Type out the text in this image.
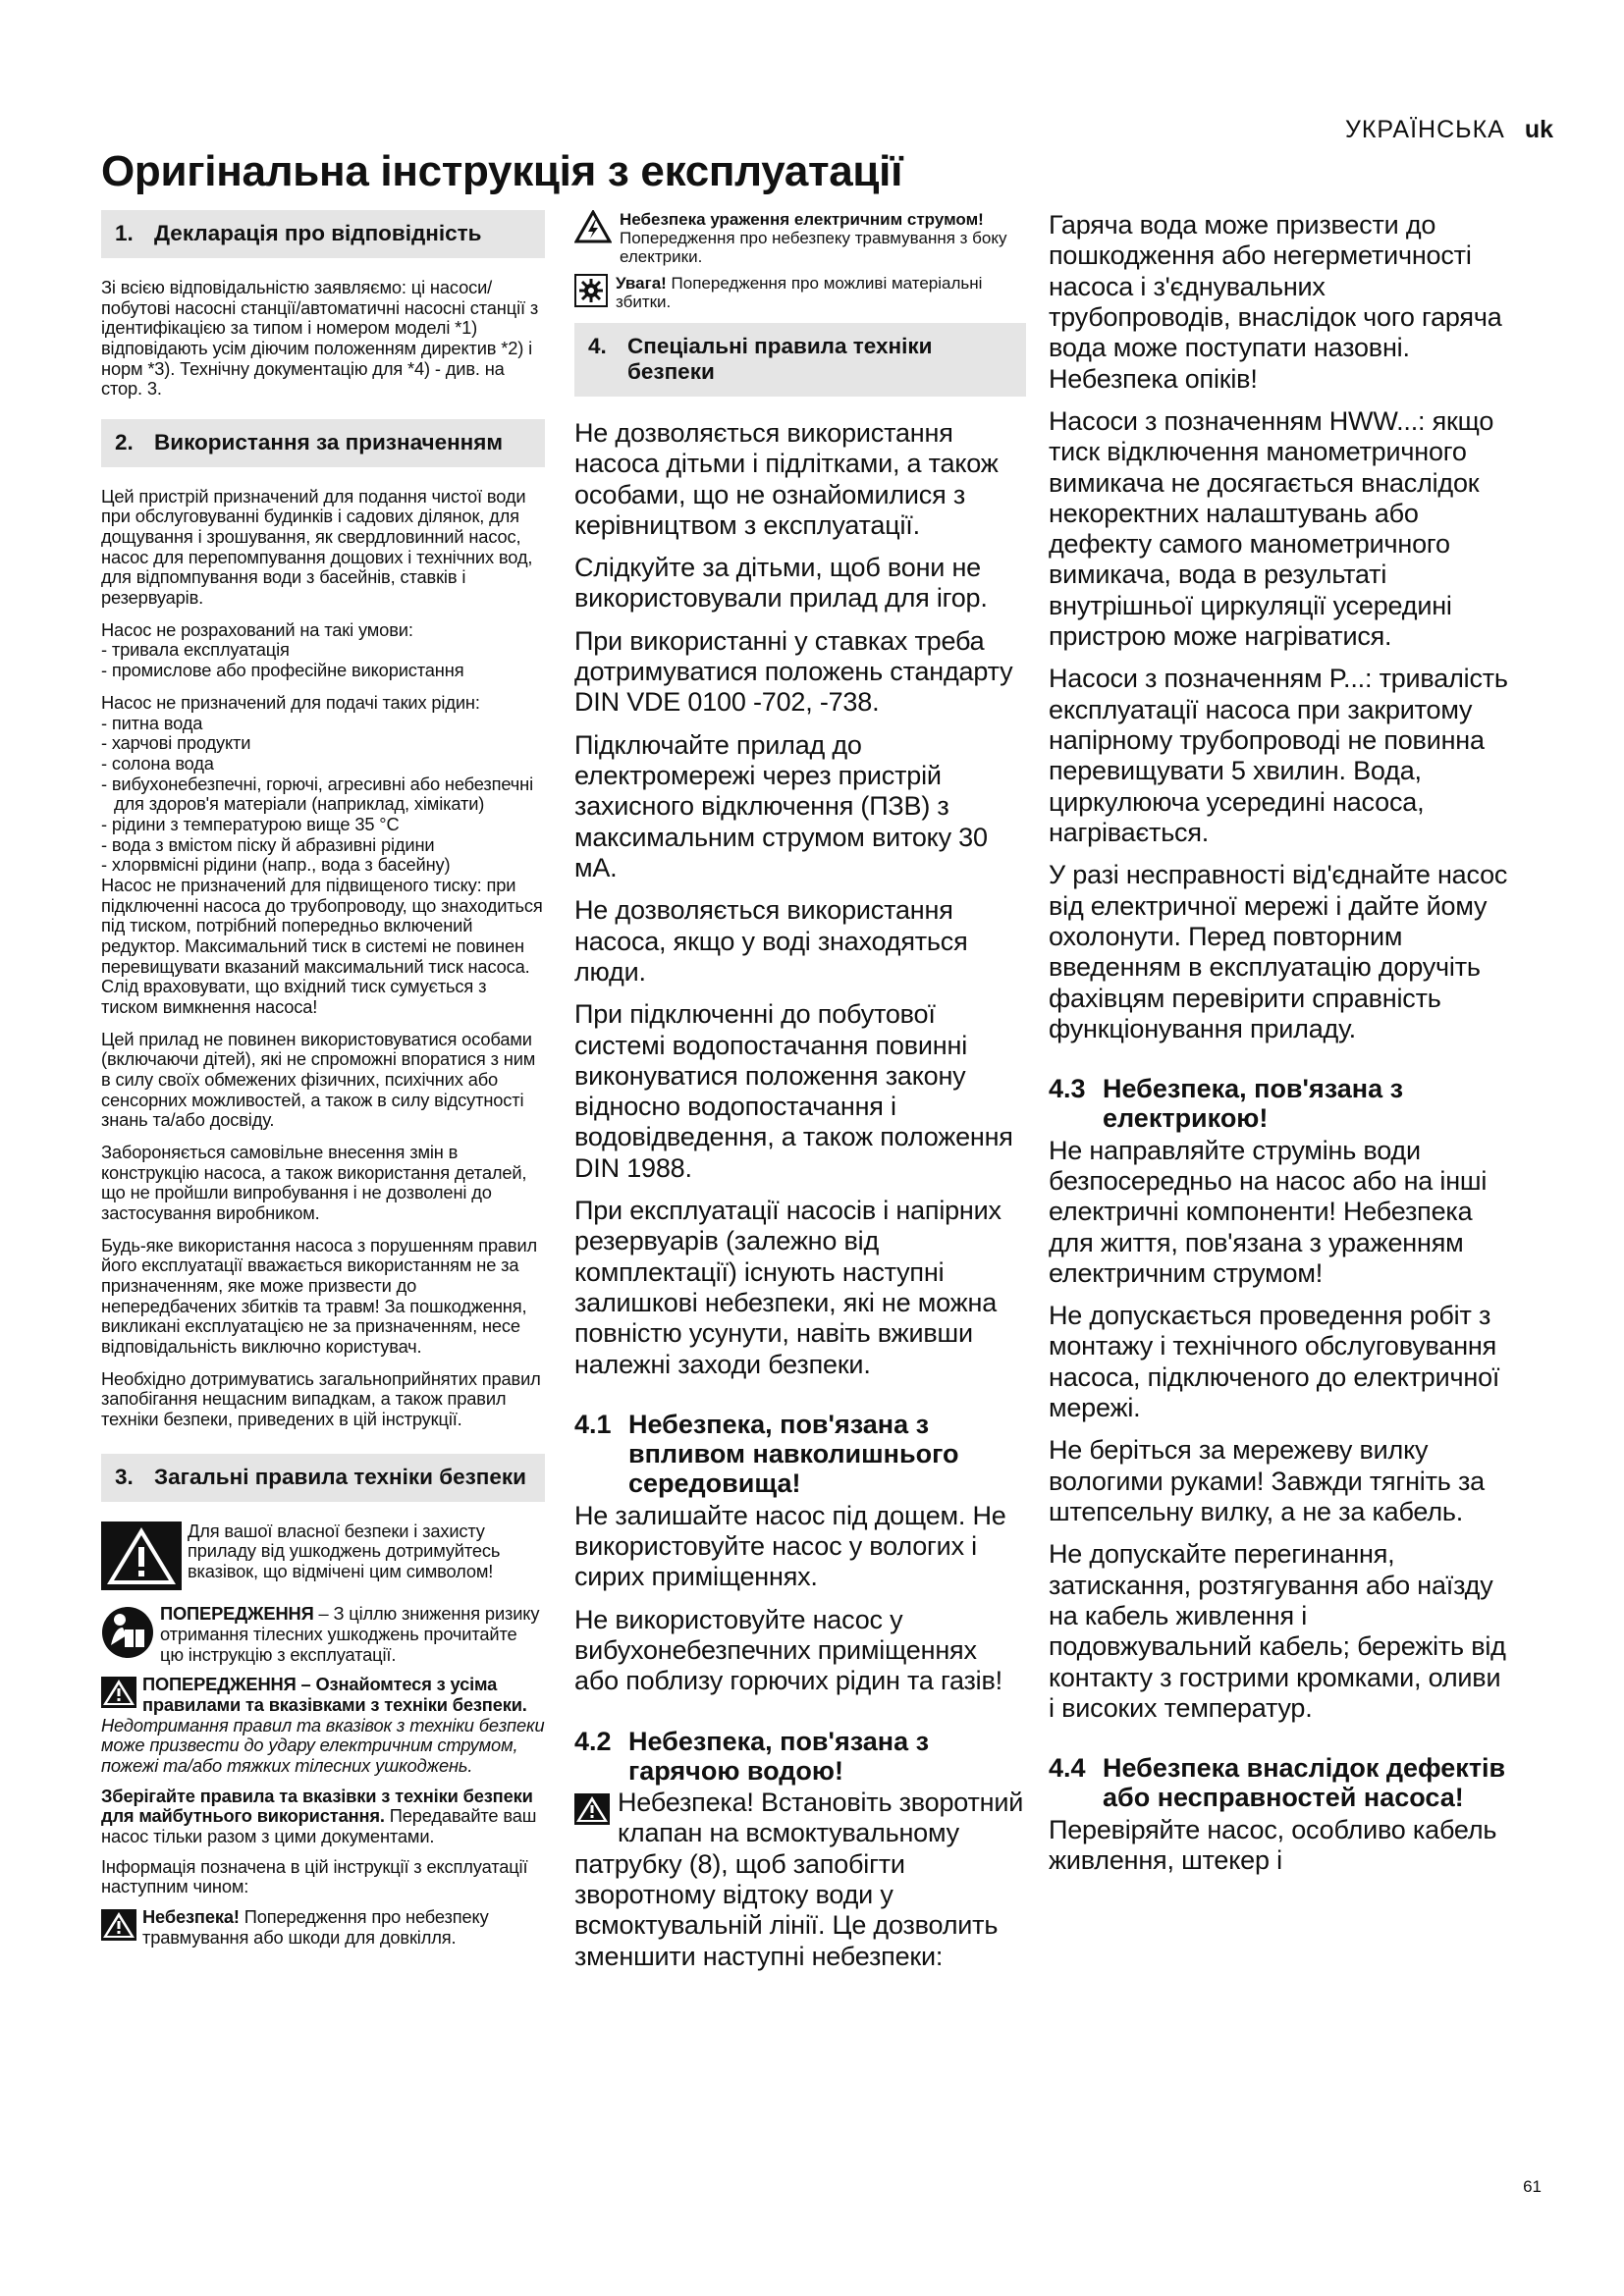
УКРАЇНСЬКА uk
Оригінальна інструкція з експлуатації
1. Декларація про відповідність

Зі всією відповідальністю заявляємо: ці насоси/побутові насосні станції/автоматичні насосні станції з ідентифікацією за типом і номером моделі *1) відповідають усім діючим положенням директив *2) і норм *3). Технічну документацію для *4) - див. на стор. 3.

2. Використання за призначенням

Цей пристрій призначений для подання чистої води при обслуговуванні будинків і садових ділянок, для дощування і зрошування, як свердловинний насос, насос для перепомпування дощових і технічних вод, для відпомпування води з басейнів, ставків і резервуарів.

Насос не розрахований на такі умови:

- тривала експлуатація
- промислове або професійне використання

Насос не призначений для подачі таких рідин:

- питна вода
- харчові продукти
- солона вода
- вибухонебезпечні, горючі, агресивні або небезпечні для здоров'я матеріали (наприклад, хімікати)
- рідини з температурою вище 35 °C
- вода з вмістом піску й абразивні рідини
- хлорвмісні рідини (напр., вода з басейну)

Насос не призначений для підвищеного тиску: при підключенні насоса до трубопроводу, що знаходиться під тиском, потрібний попередньо включений редуктор. Максимальний тиск в системі не повинен перевищувати вказаний максимальний тиск насоса. Слід враховувати, що вхідний тиск сумується з тиском вимкнення насоса!

Цей прилад не повинен використовуватися особами (включаючи дітей), які не спроможні впоратися з ним в силу своїх обмежених фізичних, психічних або сенсорних можливостей, а також в силу відсутності знань та/або досвіду.

Забороняється самовільне внесення змін в конструкцію насоса, а також використання деталей, що не пройшли випробування і не дозволені до застосування виробником.

Будь-яке використання насоса з порушенням правил його експлуатації вважається використанням не за призначенням, яке може призвести до непередбачених збитків та травм! За пошкодження, викликані експлуатацією не за призначенням, несе відповідальність виключно користувач.

Необхідно дотримуватись загальноприйнятих правил запобігання нещасним випадкам, а також правил техніки безпеки, приведених в цій інструкції.

3. Загальні правила техніки безпеки
Для вашої власної безпеки і захисту приладу від ушкоджень дотримуйтесь вказівок, що відмічені цим символом!
ПОПЕРЕДЖЕННЯ – З ціллю зниження ризику отримання тілесних ушкоджень прочитайте цю інструкцію з експлуатації.
ПОПЕРЕДЖЕННЯ – Ознайомтеся з усіма правилами та вказівками з техніки безпеки. Недотримання правил та вказівок з техніки безпеки може призвести до удару електричним струмом, пожежі та/або тяжких тілесних ушкоджень.
Зберігайте правила та вказівки з техніки безпеки для майбутнього використання. Передавайте ваш насос тільки разом з цими документами.
Інформація позначена в цій інструкції з експлуатації наступним чином:
Небезпека! Попередження про небезпеку травмування або шкоди для довкілля.
Небезпека ураження електричним струмом! Попередження про небезпеку травмування з боку електрики.
Увага! Попередження про можливі матеріальні збитки.
4. Спеціальні правила техніки безпеки

Не дозволяється використання насоса дітьми і підлітками, а також особами, що не ознайомилися з керівництвом з експлуатації.

Слідкуйте за дітьми, щоб вони не використовували прилад для ігор.

При використанні у ставках треба дотримуватися положень стандарту DIN VDE 0100 -702, -738.

Підключайте прилад до електромережі через пристрій захисного відключення (ПЗВ) з максимальним струмом витоку 30 мА.

Не дозволяється використання насоса, якщо у воді знаходяться люди.

При підключенні до побутової системі водопостачання повинні виконуватися положення закону відносно водопостачання і водовідведення, а також положення DIN 1988.

При експлуатації насосів і напірних резервуарів (залежно від комплектації) існують наступні залишкові небезпеки, які не можна повністю усунути, навіть вживши належні заходи безпеки.

4.1 Небезпека, пов'язана з впливом навколишнього середовища!

Не залишайте насос під дощем. Не використовуйте насос у вологих і сирих приміщеннях.

Не використовуйте насос у вибухонебезпечних приміщеннях або поблизу горючих рідин та газів!

4.2 Небезпека, пов'язана з гарячою водою!

Небезпека! Встановіть зворотний клапан на всмоктувальному патрубку (8), щоб запобігти зворотному відтоку води у всмоктувальній лінії. Це дозволить зменшити наступні небезпеки:

Гаряча вода може призвести до пошкодження або негерметичності насоса і з'єднувальних трубопроводів, внаслідок чого гаряча вода може поступати назовні. Небезпека опіків!

Насоси з позначенням HWW...: якщо тиск відключення манометричного вимикача не досягається внаслідок некоректних налаштувань або дефекту самого манометричного вимикача, вода в результаті внутрішньої циркуляції усередині пристрою може нагріватися.

Насоси з позначенням P...: тривалість експлуатації насоса при закритому напірному трубопроводі не повинна перевищувати 5 хвилин. Вода, циркулююча усередині насоса, нагрівається.

У разі несправності від'єднайте насос від електричної мережі і дайте йому охолонути. Перед повторним введенням в експлуатацію доручіть фахівцям перевірити справність функціонування приладу.

4.3 Небезпека, пов'язана з електрикою!

Не направляйте струмінь води безпосередньо на насос або на інші електричні компоненти! Небезпека для життя, пов'язана з ураженням електричним струмом!

Не допускається проведення робіт з монтажу і технічного обслуговування насоса, підключеного до електричної мережі.

Не беріться за мережеву вилку вологими руками! Завжди тягніть за штепсельну вилку, а не за кабель.

Не допускайте перегинання, затискання, розтягування або наїзду на кабель живлення і подовжувальний кабель; бережіть від контакту з гострими кромками, оливи і високих температур.

4.4 Небезпека внаслідок дефектів або несправностей насоса!

Перевіряйте насос, особливо кабель живлення, штекер і

61
